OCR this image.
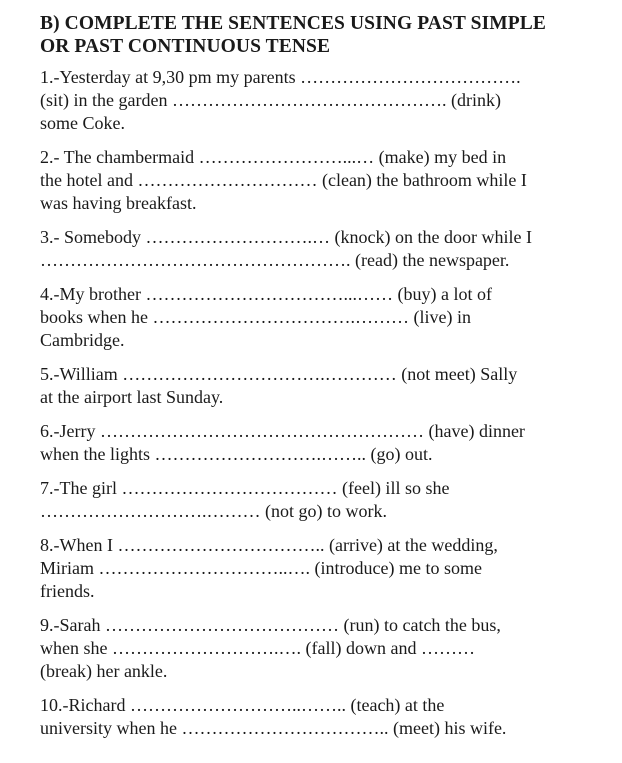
B) COMPLETE THE SENTENCES USING PAST SIMPLE
OR PAST CONTINUOUS TENSE
1.-Yesterday at 9,30 pm my parents ……………………………….
(sit) in the garden ………………………………………. (drink)
some Coke.
2.- The chambermaid ……………………...… (make) my bed in
the hotel and ………………………… (clean) the bathroom while I
was having breakfast.
3.- Somebody ……………………….… (knock) on the door while I
……………………………………………. (read) the newspaper.
4.-My brother ……………………………...…… (buy) a lot of
books when he …………………………….……… (live) in
Cambridge.
5.-William …………………………….………… (not meet) Sally
at the airport last Sunday.
6.-Jerry ……………………………………………… (have) dinner
when the lights ……………………….…….. (go) out.
7.-The girl ……………………………… (feel) ill so she
……………………….……… (not go) to work.
8.-When I …………………………….. (arrive) at the wedding,
Miriam …………………………..…. (introduce) me to some
friends.
9.-Sarah ………………………………… (run) to catch the bus,
when she ……………………….…. (fall) down and ………
(break) her ankle.
10.-Richard ………………………..…….. (teach) at the
university when he …………………………….. (meet) his wife.
